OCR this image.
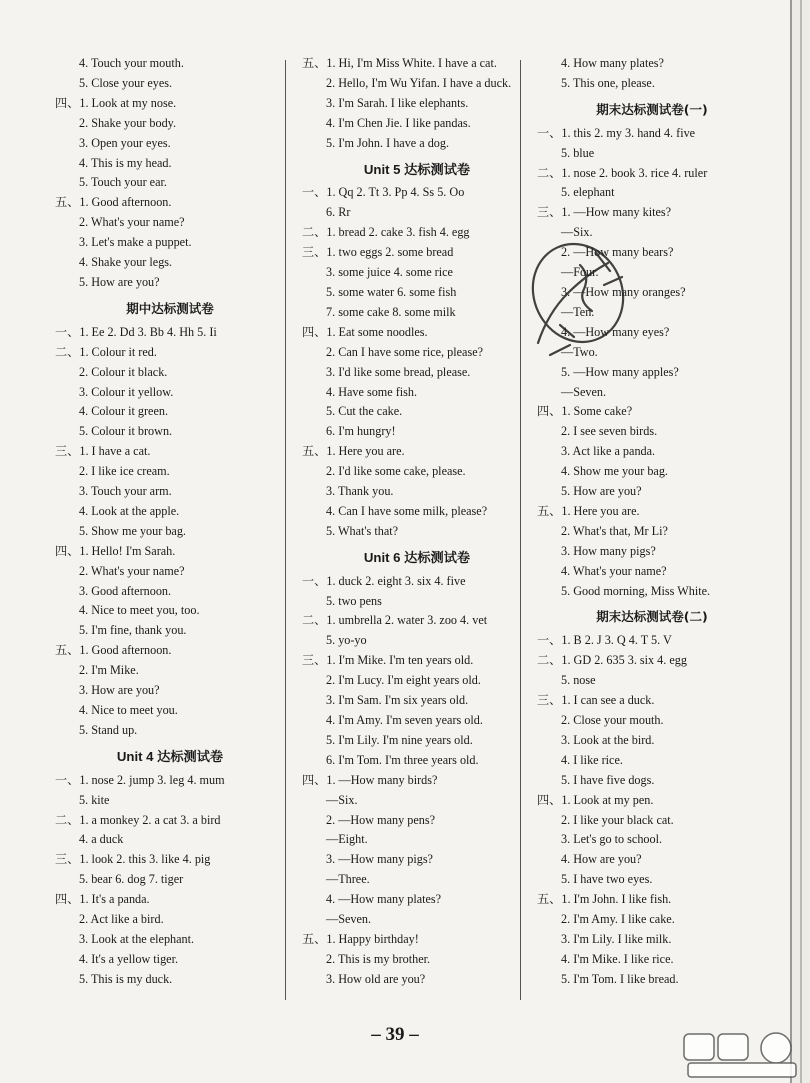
4. Touch your mouth.
5. Close your eyes.
四、1. Look at my nose.
2. Shake your body.
3. Open your eyes.
4. This is my head.
5. Touch your ear.
五、1. Good afternoon.
2. What's your name?
3. Let's make a puppet.
4. Shake your legs.
5. How are you?
期中达标测试卷
一、1. Ee 2. Dd 3. Bb 4. Hh 5. Ii
二、1. Colour it red.
2. Colour it black.
3. Colour it yellow.
4. Colour it green.
5. Colour it brown.
三、1. I have a cat.
2. I like ice cream.
3. Touch your arm.
4. Look at the apple.
5. Show me your bag.
四、1. Hello! I'm Sarah.
2. What's your name?
3. Good afternoon.
4. Nice to meet you, too.
5. I'm fine, thank you.
五、1. Good afternoon.
2. I'm Mike.
3. How are you?
4. Nice to meet you.
5. Stand up.
Unit 4 达标测试卷
一、1. nose 2. jump 3. leg 4. mum
5. kite
二、1. a monkey 2. a cat 3. a bird
4. a duck
三、1. look 2. this 3. like 4. pig
5. bear 6. dog 7. tiger
四、1. It's a panda.
2. Act like a bird.
3. Look at the elephant.
4. It's a yellow tiger.
5. This is my duck.
五、1. Hi, I'm Miss White. I have a cat.
2. Hello, I'm Wu Yifan. I have a duck.
3. I'm Sarah. I like elephants.
4. I'm Chen Jie. I like pandas.
5. I'm John. I have a dog.
Unit 5 达标测试卷
一、1. Qq 2. Tt 3. Pp 4. Ss 5. Oo
6. Rr
二、1. bread 2. cake 3. fish 4. egg
三、1. two eggs 2. some bread
3. some juice 4. some rice
5. some water 6. some fish
7. some cake 8. some milk
四、1. Eat some noodles.
2. Can I have some rice, please?
3. I'd like some bread, please.
4. Have some fish.
5. Cut the cake.
6. I'm hungry!
五、1. Here you are.
2. I'd like some cake, please.
3. Thank you.
4. Can I have some milk, please?
5. What's that?
Unit 6 达标测试卷
一、1. duck 2. eight 3. six 4. five
5. two pens
二、1. umbrella 2. water 3. zoo 4. vet
5. yo-yo
三、1. I'm Mike. I'm ten years old.
2. I'm Lucy. I'm eight years old.
3. I'm Sam. I'm six years old.
4. I'm Amy. I'm seven years old.
5. I'm Lily. I'm nine years old.
6. I'm Tom. I'm three years old.
四、1. —How many birds?
—Six.
2. —How many pens?
—Eight.
3. —How many pigs?
—Three.
4. —How many plates?
—Seven.
五、1. Happy birthday!
2. This is my brother.
3. How old are you?
4. How many plates?
5. This one, please.
期末达标测试卷(一)
一、1. this 2. my 3. hand 4. five
5. blue
二、1. nose 2. book 3. rice 4. ruler
5. elephant
三、1. —How many kites?
—Six.
2. —How many bears?
—Four.
3. —How many oranges?
—Ten.
4. —How many eyes?
—Two.
5. —How many apples?
—Seven.
四、1. Some cake?
2. I see seven birds.
3. Act like a panda.
4. Show me your bag.
5. How are you?
五、1. Here you are.
2. What's that, Mr Li?
3. How many pigs?
4. What's your name?
5. Good morning, Miss White.
期末达标测试卷(二)
一、1. B 2. J 3. Q 4. T 5. V
二、1. GD 2. 635 3. six 4. egg
5. nose
三、1. I can see a duck.
2. Close your mouth.
3. Look at the bird.
4. I like rice.
5. I have five dogs.
四、1. Look at my pen.
2. I like your black cat.
3. Let's go to school.
4. How are you?
5. I have two eyes.
五、1. I'm John. I like fish.
2. I'm Amy. I like cake.
3. I'm Lily. I like milk.
4. I'm Mike. I like rice.
5. I'm Tom. I like bread.
– 39 –
